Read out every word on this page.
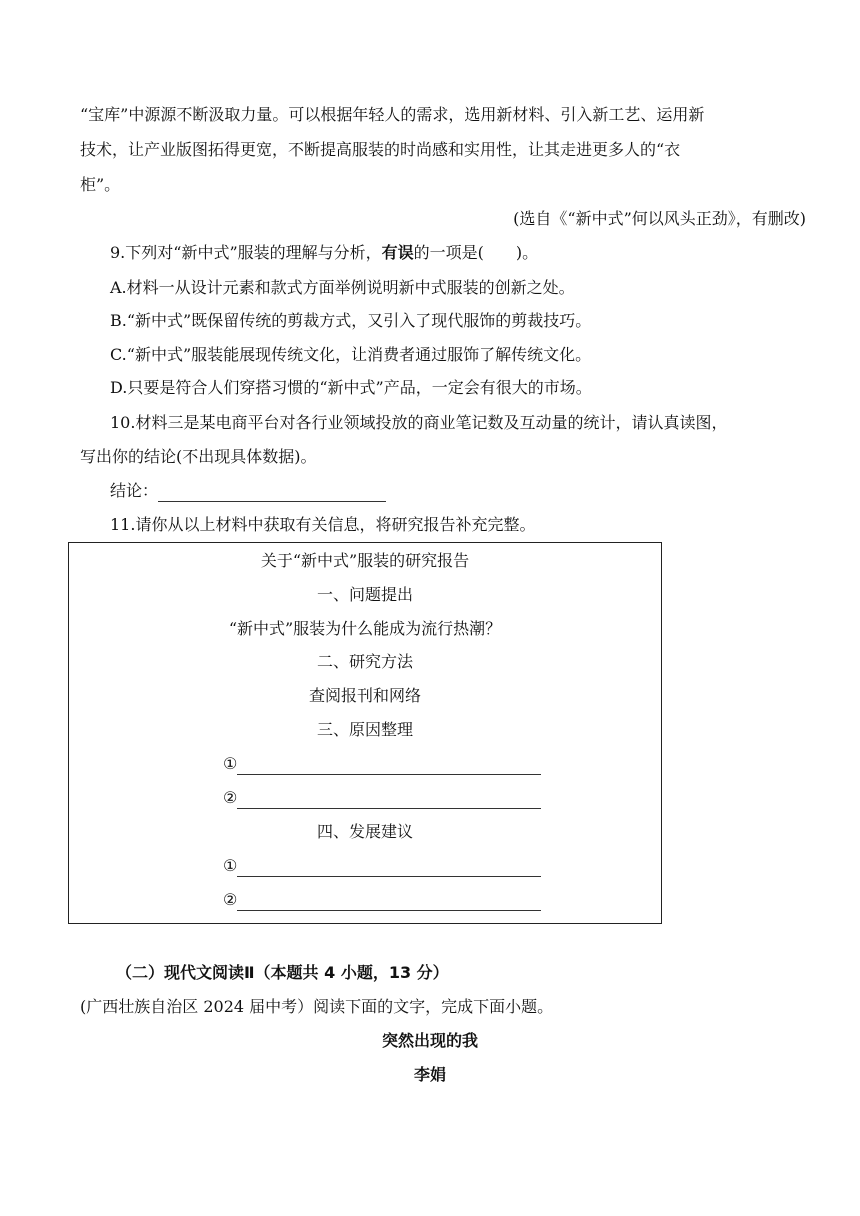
“宝库”中源源不断汲取力量。可以根据年轻人的需求，选用新材料、引入新工艺、运用新
技术，让产业版图拓得更宽，不断提高服装的时尚感和实用性，让其走进更多人的“衣
柜”。
(选自《“新中式”何以风头正劲》，有删改)
9.下列对“新中式”服装的理解与分析，有误的一项是(　　)。
A.材料一从设计元素和款式方面举例说明新中式服装的创新之处。
B.“新中式”既保留传统的剪裁方式，又引入了现代服饰的剪裁技巧。
C.“新中式”服装能展现传统文化，让消费者通过服饰了解传统文化。
D.只要是符合人们穿搭习惯的“新中式”产品，一定会有很大的市场。
10.材料三是某电商平台对各行业领域投放的商业笔记数及互动量的统计，请认真读图，
写出你的结论(不出现具体数据)。
结论：
11.请你从以上材料中获取有关信息，将研究报告补充完整。
关于“新中式”服装的研究报告
一、问题提出
“新中式”服装为什么能成为流行热潮？
二、研究方法
查阅报刊和网络
三、原因整理
①
②
四、发展建议
①
②
（二）现代文阅读Ⅱ（本题共 4 小题，13 分）
(广西壮族自治区 2024 届中考）阅读下面的文字，完成下面小题。
突然出现的我
李娟
